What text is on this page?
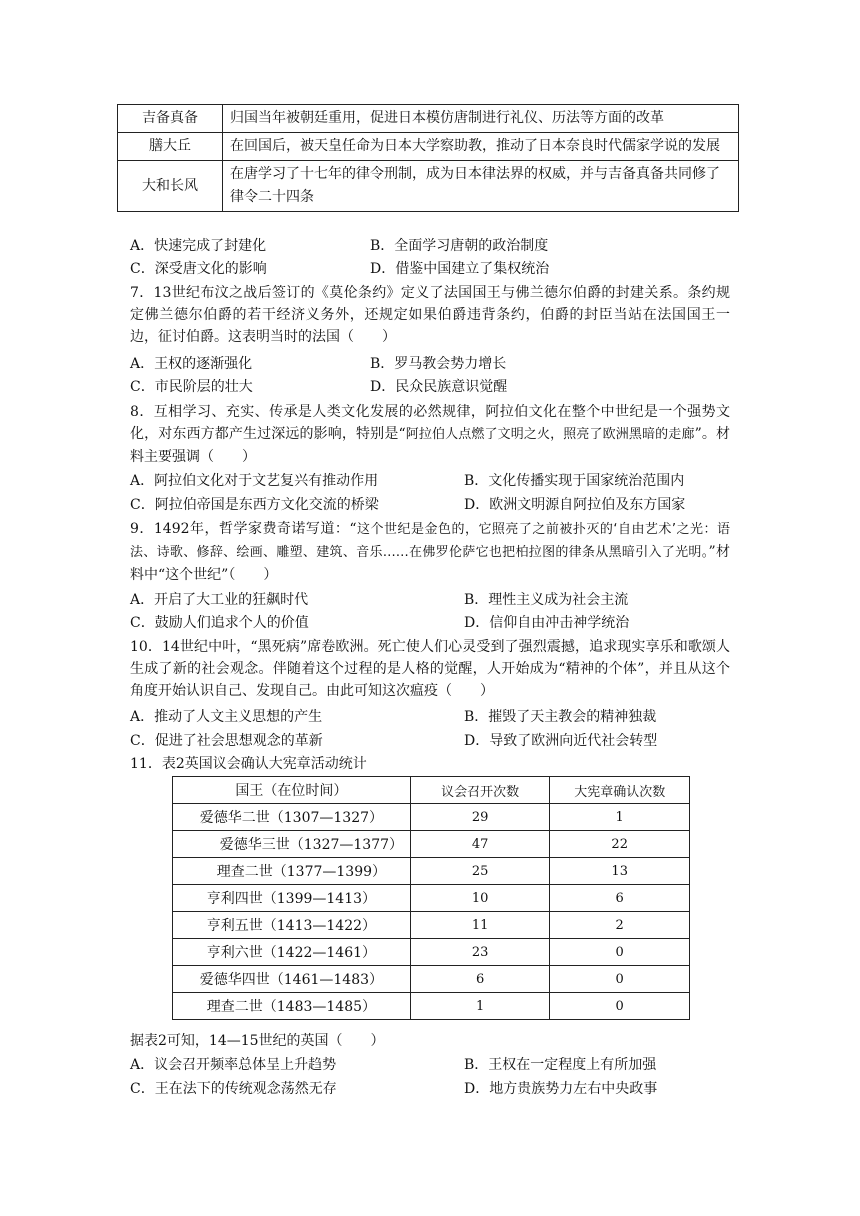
吉备真备	归国当年被朝廷重用，促进日本模仿唐制进行礼仪、历法等方面的改革
膳大丘	在回国后，被天皇任命为日本大学察助教，推动了日本奈良时代儒家学说的发展
大和长风	在唐学习了十七年的律令刑制，成为日本律法界的权威，并与吉备真备共同修了律令二十四条
A．快速完成了封建化	B．全面学习唐朝的政治制度
C．深受唐文化的影响	D．借鉴中国建立了集权统治
7．13世纪布汶之战后签订的《莫伦条约》定义了法国国王与佛兰德尔伯爵的封建关系。条约规定佛兰德尔伯爵的若干经济义务外，还规定如果伯爵违背条约，伯爵的封臣当站在法国国王一边，征讨伯爵。这表明当时的法国（　　）
A．王权的逐渐强化	B．罗马教会势力增长
C．市民阶层的壮大	D．民众民族意识觉醒
8．互相学习、充实、传承是人类文化发展的必然规律，阿拉伯文化在整个中世纪是一个强势文化，对东西方都产生过深远的影响，特别是“阿拉伯人点燃了文明之火，照亮了欧洲黑暗的走廊”。材料主要强调（　　）
A．阿拉伯文化对于文艺复兴有推动作用	B．文化传播实现于国家统治范围内
C．阿拉伯帝国是东西方文化交流的桥梁	D．欧洲文明源自阿拉伯及东方国家
9．1492年，哲学家费奇诺写道：“这个世纪是金色的，它照亮了之前被扑灭的‘自由艺术’之光：语法、诗歌、修辞、绘画、雕塑、建筑、音乐……在佛罗伦萨它也把柏拉图的律条从黑暗引入了光明。”材料中“这个世纪”（　　）
A．开启了大工业的狂飙时代	B．理性主义成为社会主流
C．鼓励人们追求个人的价值	D．信仰自由冲击神学统治
10．14世纪中叶，“黑死病”席卷欧洲。死亡使人们心灵受到了强烈震撼，追求现实享乐和歌颂人生成了新的社会观念。伴随着这个过程的是人格的觉醒，人开始成为“精神的个体”，并且从这个角度开始认识自己、发现自己。由此可知这次瘟疫（　　）
A．推动了人文主义思想的产生	B．摧毁了天主教会的精神独裁
C．促进了社会思想观念的革新	D．导致了欧洲向近代社会转型
11．表2英国议会确认大宪章活动统计
国王（在位时间）	议会召开次数	大宪章确认次数
爱德华二世（1307—1327）	29	1
爱德华三世（1327—1377）	47	22
理查二世（1377—1399）	25	13
亨利四世（1399—1413）	10	6
亨利五世（1413—1422）	11	2
亨利六世（1422—1461）	23	0
爱德华四世（1461—1483）	6	0
理查二世（1483—1485）	1	0
据表2可知，14—15世纪的英国（　　）
A．议会召开频率总体呈上升趋势	B．王权在一定程度上有所加强
C．王在法下的传统观念荡然无存	D．地方贵族势力左右中央政事
